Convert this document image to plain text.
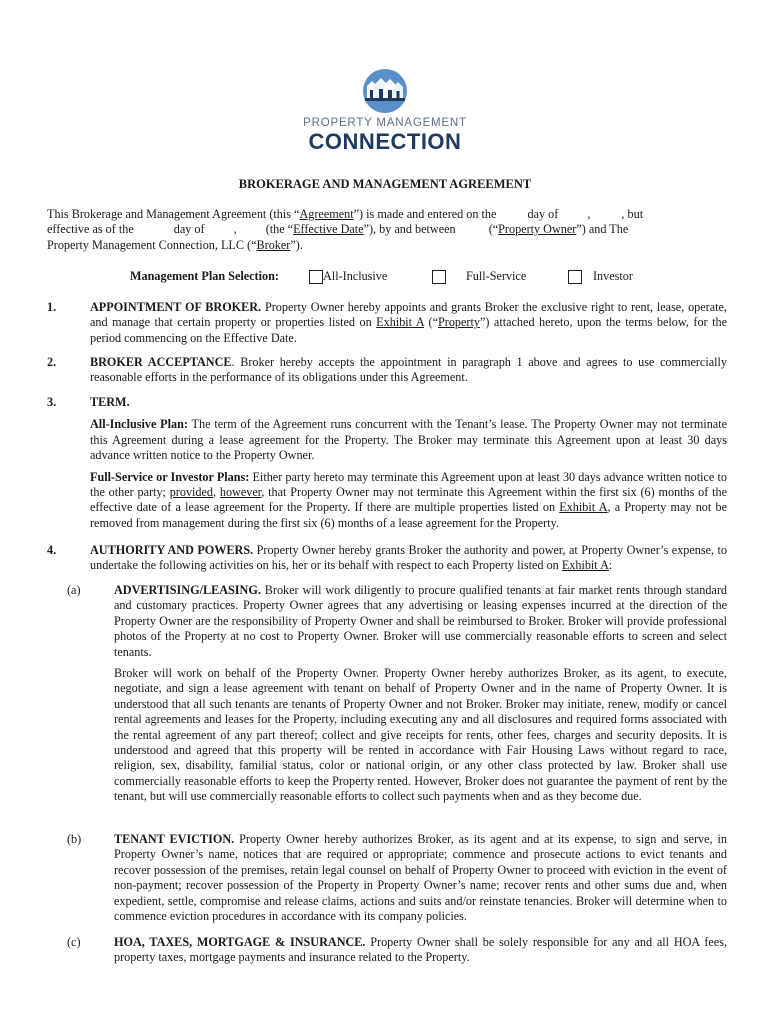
PROPERTY MANAGEMENT
CONNECTION
BROKERAGE AND MANAGEMENT AGREEMENT
This Brokerage and Management Agreement (this “Agreement”) is made and entered on the	day of ,	, but
effective as of the	day of , (the “Effective Date”), by and between	(“Property Owner”) and The
Property Management Connection, LLC (“Broker”).
Management Plan Selection:	All-Inclusive	Full-Service	Investor
1.	APPOINTMENT OF BROKER. Property Owner hereby appoints and grants Broker the exclusive right to rent, lease, operate, and manage that certain property or properties listed on Exhibit A (“Property”) attached hereto, upon the terms below, for the period commencing on the Effective Date.
2.	BROKER ACCEPTANCE. Broker hereby accepts the appointment in paragraph 1 above and agrees to use commercially reasonable efforts in the performance of its obligations under this Agreement.
3.	TERM.

All-Inclusive Plan: The term of the Agreement runs concurrent with the Tenant’s lease. The Property Owner may not terminate this Agreement during a lease agreement for the Property. The Broker may terminate this Agreement upon at least 30 days advance written notice to the Property Owner.

Full-Service or Investor Plans: Either party hereto may terminate this Agreement upon at least 30 days advance written notice to the other party; provided, however, that Property Owner may not terminate this Agreement within the first six (6) months of the effective date of a lease agreement for the Property. If there are multiple properties listed on Exhibit A, a Property may not be removed from management during the first six (6) months of a lease agreement for the Property.

4.	AUTHORITY AND POWERS. Property Owner hereby grants Broker the authority and power, at Property Owner’s expense, to undertake the following activities on his, her or its behalf with respect to each Property listed on Exhibit A:
(a)	ADVERTISING/LEASING. Broker will work diligently to procure qualified tenants at fair market rents through standard and customary practices. Property Owner agrees that any advertising or leasing expenses incurred at the direction of the Property Owner are the responsibility of Property Owner and shall be reimbursed to Broker. Broker will provide professional photos of the Property at no cost to Property Owner. Broker will use commercially reasonable efforts to screen and select tenants.

Broker will work on behalf of the Property Owner. Property Owner hereby authorizes Broker, as its agent, to execute, negotiate, and sign a lease agreement with tenant on behalf of Property Owner and in the name of Property Owner. It is understood that all such tenants are tenants of Property Owner and not Broker. Broker may initiate, renew, modify or cancel rental agreements and leases for the Property, including executing any and all disclosures and required forms associated with the rental agreement of any part thereof; collect and give receipts for rents, other fees, charges and security deposits. It is understood and agreed that this property will be rented in accordance with Fair Housing Laws without regard to race, religion, sex, disability, familial status, color or national origin, or any other class protected by law. Broker shall use commercially reasonable efforts to keep the Property rented. However, Broker does not guarantee the payment of rent by the tenant, but will use commercially reasonable efforts to collect such payments when and as they become due.

(b)	TENANT EVICTION. Property Owner hereby authorizes Broker, as its agent and at its expense, to sign and serve, in Property Owner’s name, notices that are required or appropriate; commence and prosecute actions to evict tenants and recover possession of the premises, retain legal counsel on behalf of Property Owner to proceed with eviction in the event of non-payment; recover possession of the Property in Property Owner’s name; recover rents and other sums due and, when expedient, settle, compromise and release claims, actions and suits and/or reinstate tenancies. Broker will determine when to commence eviction procedures in accordance with its company policies.
(c)	HOA, TAXES, MORTGAGE & INSURANCE. Property Owner shall be solely responsible for any and all HOA fees, property taxes, mortgage payments and insurance related to the Property.
